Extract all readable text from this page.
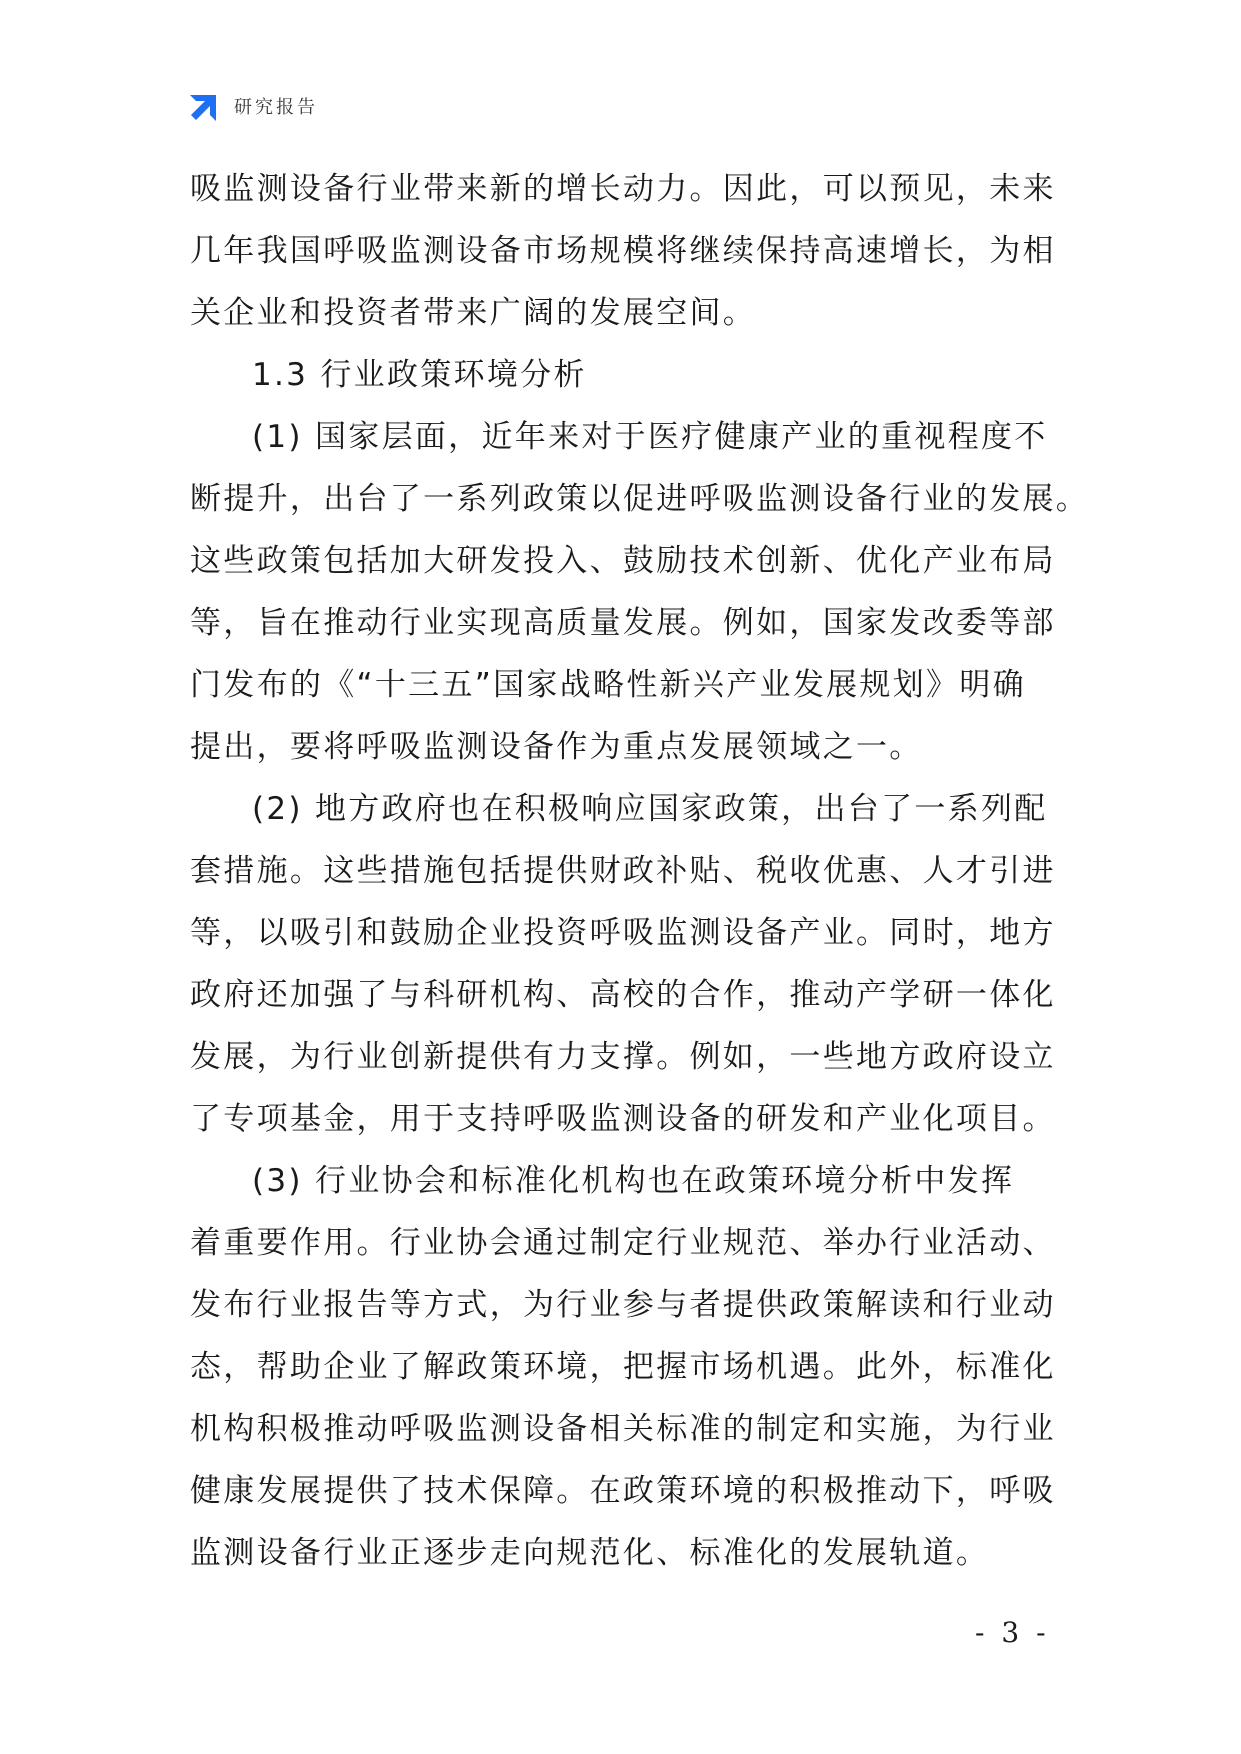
研究报告
吸监测设备行业带来新的增长动力。因此，可以预见，未来
几年我国呼吸监测设备市场规模将继续保持高速增长，为相
关企业和投资者带来广阔的发展空间。
1.3 行业政策环境分析
(1) 国家层面，近年来对于医疗健康产业的重视程度不
断提升，出台了一系列政策以促进呼吸监测设备行业的发展。
这些政策包括加大研发投入、鼓励技术创新、优化产业布局
等，旨在推动行业实现高质量发展。例如，国家发改委等部
门发布的《“十三五”国家战略性新兴产业发展规划》明确
提出，要将呼吸监测设备作为重点发展领域之一。
(2) 地方政府也在积极响应国家政策，出台了一系列配
套措施。这些措施包括提供财政补贴、税收优惠、人才引进
等，以吸引和鼓励企业投资呼吸监测设备产业。同时，地方
政府还加强了与科研机构、高校的合作，推动产学研一体化
发展，为行业创新提供有力支撑。例如，一些地方政府设立
了专项基金，用于支持呼吸监测设备的研发和产业化项目。
(3) 行业协会和标准化机构也在政策环境分析中发挥
着重要作用。行业协会通过制定行业规范、举办行业活动、
发布行业报告等方式，为行业参与者提供政策解读和行业动
态，帮助企业了解政策环境，把握市场机遇。此外，标准化
机构积极推动呼吸监测设备相关标准的制定和实施，为行业
健康发展提供了技术保障。在政策环境的积极推动下，呼吸
监测设备行业正逐步走向规范化、标准化的发展轨道。
- 3 -
